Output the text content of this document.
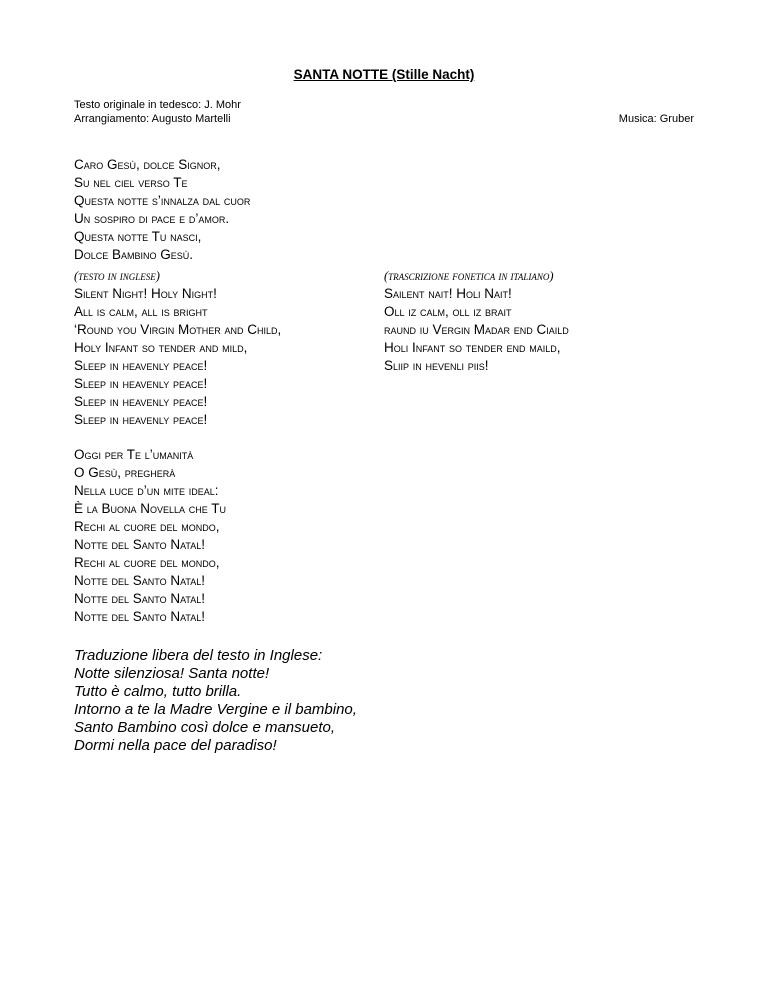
SANTA NOTTE (Stille Nacht)
Testo originale in tedesco: J. Mohr
Arrangiamento: Augusto Martelli	Musica: Gruber
Caro Gesù, dolce Signor,
Su nel ciel verso Te
Questa notte s’innalza dal cuor
Un sospiro di pace e d’amor.
Questa notte Tu nasci,
Dolce Bambino Gesù.
(testo in inglese)
Silent Night! Holy Night!
All is calm, all is bright
‘Round you Virgin Mother and Child,
Holy Infant so tender and mild,
Sleep in heavenly peace!
Sleep in heavenly peace!
Sleep in heavenly peace!
Sleep in heavenly peace!
(trascrizione fonetica in italiano)
Sailent nait! Holi Nait!
Oll iz calm, oll iz brait
raund iu Vergin Madar end Ciaild
Holi Infant so tender end maild,
Sliip in hevenli piis!
Oggi per Te l’umanità
O Gesù, pregherà
Nella luce d’un mite ideal:
È la Buona Novella che Tu
Rechi al cuore del mondo,
Notte del Santo Natal!
Rechi al cuore del mondo,
Notte del Santo Natal!
Notte del Santo Natal!
Notte del Santo Natal!
Traduzione libera del testo in Inglese:
Notte silenziosa! Santa notte!
Tutto è calmo, tutto brilla.
Intorno a te la Madre Vergine e il bambino,
Santo Bambino così dolce e mansueto,
Dormi nella pace del paradiso!
